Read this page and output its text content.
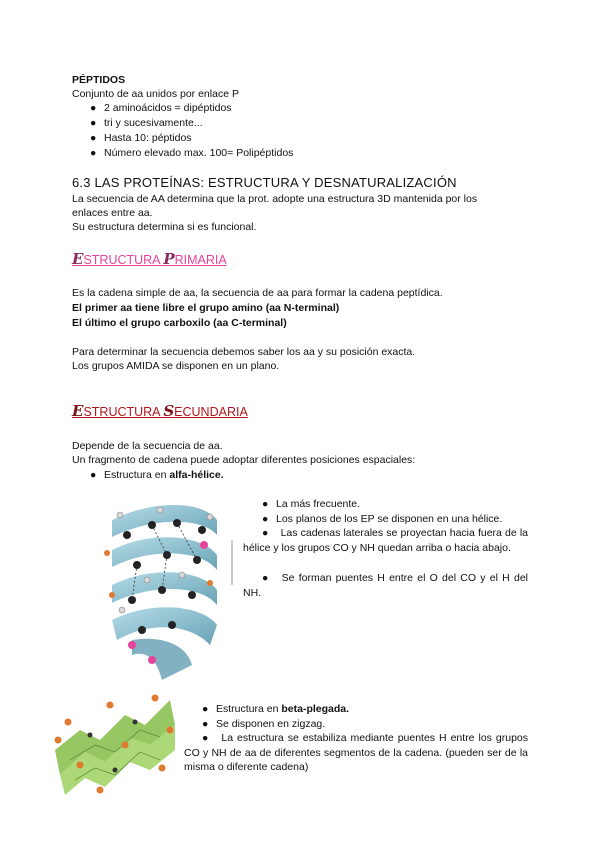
PÉPTIDOS
Conjunto de aa unidos por enlace P
● 2 aminoácidos = dipéptidos
● tri y sucesivamente...
● Hasta 10: péptidos
● Número elevado max. 100= Polipéptidos
6.3 LAS PROTEÍNAS: ESTRUCTURA Y DESNATURALIZACIÓN
La secuencia de AA determina que la prot. adopte una estructura 3D mantenida por los
enlaces entre aa.
Su estructura determina si es funcional.
ESTRUCTURA PRIMARIA
Es la cadena simple de aa, la secuencia de aa para formar la cadena peptídica.
El primer aa tiene libre el grupo amino (aa N-terminal)
El último el grupo carboxilo (aa C-terminal)
Para determinar la secuencia debemos saber los aa y su posición exacta.
Los grupos AMIDA se disponen en un plano.
ESTRUCTURA SECUNDARIA
Depende de la secuencia de aa.
Un fragmento de cadena puede adoptar diferentes posiciones espaciales:
● Estructura en alfa-hélice.
● La más frecuente.
● Los planos de los EP se disponen en una hélice.
● Las cadenas laterales se proyectan hacia fuera de la hélice y los grupos CO y NH quedan arriba o hacia abajo.
● Se forman puentes H entre el O del CO y el H del NH.
● Estructura en beta-plegada.
● Se disponen en zigzag.
● La estructura se estabiliza mediante puentes H entre los grupos CO y NH de aa de diferentes segmentos de la cadena. (pueden ser de la misma o diferente cadena)
